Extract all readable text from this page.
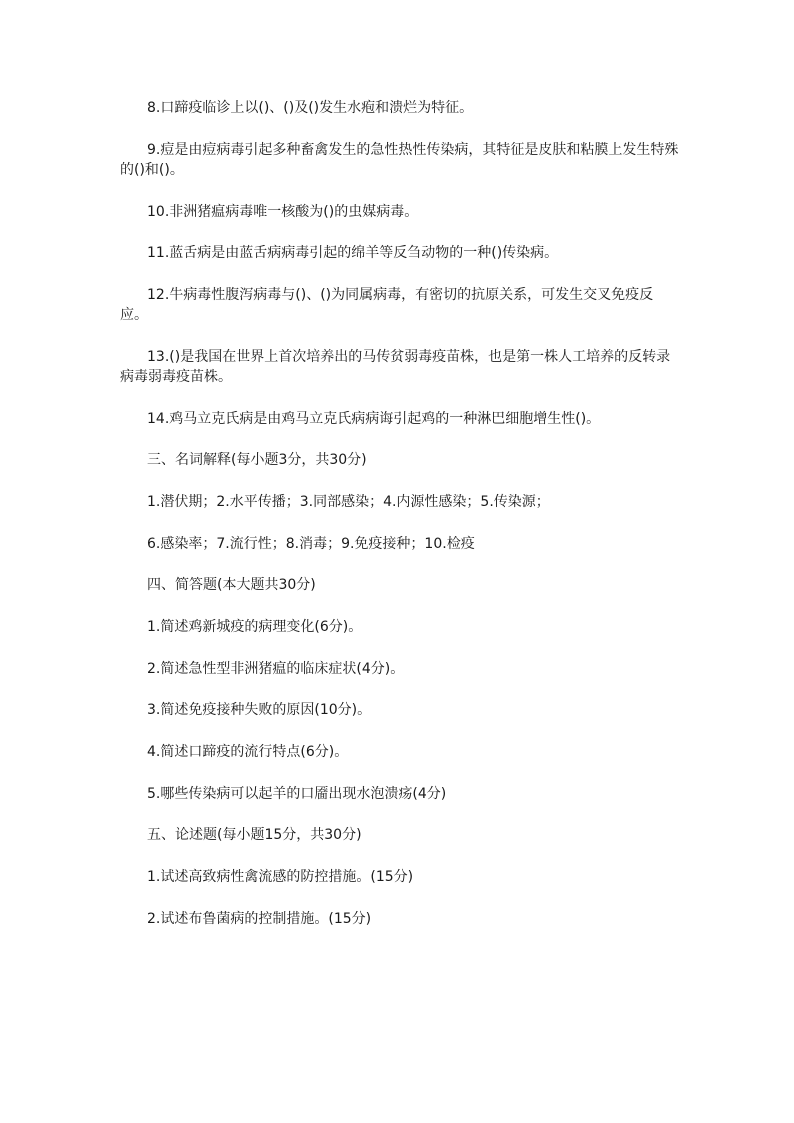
8.口蹄疫临诊上以()、()及()发生水疱和溃烂为特征。

9.痘是由痘病毒引起多种畜禽发生的急性热性传染病，其特征是皮肤和粘膜上发生特殊的()和()。

10.非洲猪瘟病毒唯一核酸为()的虫媒病毒。

11.蓝舌病是由蓝舌病病毒引起的绵羊等反刍动物的一种()传染病。

12.牛病毒性腹泻病毒与()、()为同属病毒，有密切的抗原关系，可发生交叉免疫反应。

13.()是我国在世界上首次培养出的马传贫弱毒疫苗株，也是第一株人工培养的反转录病毒弱毒疫苗株。

14.鸡马立克氏病是由鸡马立克氏病病诲引起鸡的一种淋巴细胞增生性()。

三、名词解释(每小题3分，共30分)

1.潜伏期；2.水平传播；3.同部感染；4.内源性感染；5.传染源；

6.感染率；7.流行性；8.消毒；9.免疫接种；10.检疫

四、简答题(本大题共30分)

1.简述鸡新城疫的病理变化(6分)。

2.简述急性型非洲猪瘟的临床症状(4分)。

3.简述免疫接种失败的原因(10分)。

4.简述口蹄疫的流行特点(6分)。

5.哪些传染病可以起羊的口靥出现水泡溃疡(4分)

五、论述题(每小题15分，共30分)

1.试述高致病性禽流感的防控措施。(15分)

2.试述布鲁菌病的控制措施。(15分)
